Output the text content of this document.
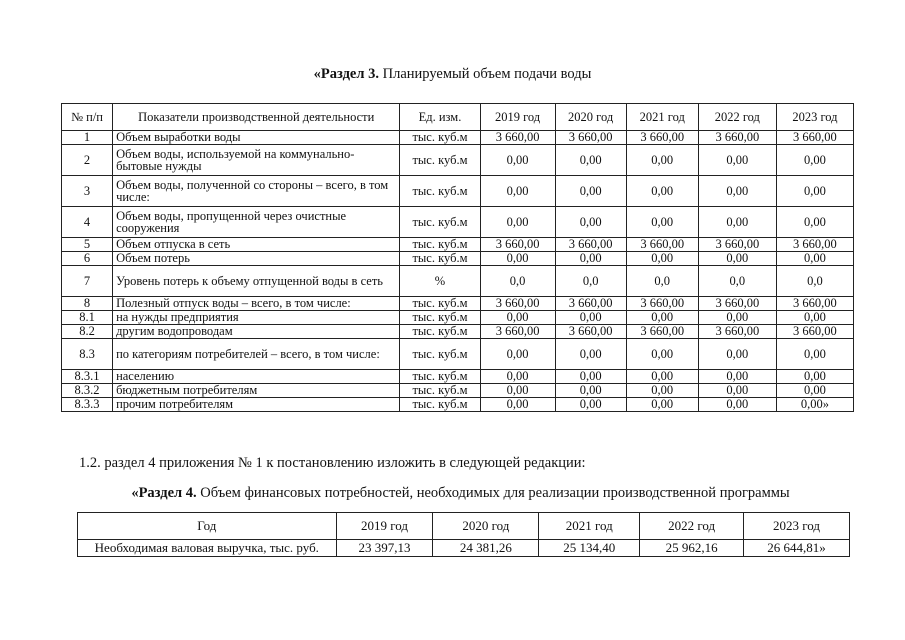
«Раздел 3. Планируемый объем подачи воды
№ п/п	Показатели производственной деятельности	Ед. изм.	2019 год	2020 год	2021 год	2022 год	2023 год
1	Объем выработки воды	тыс. куб.м	3 660,00	3 660,00	3 660,00	3 660,00	3 660,00
2	Объем воды, используемой на коммунально-бытовые нужды	тыс. куб.м	0,00	0,00	0,00	0,00	0,00
3	Объем воды, полученной со стороны – всего, в том числе:	тыс. куб.м	0,00	0,00	0,00	0,00	0,00
4	Объем воды, пропущенной через очистные сооружения	тыс. куб.м	0,00	0,00	0,00	0,00	0,00
5	Объем отпуска в сеть	тыс. куб.м	3 660,00	3 660,00	3 660,00	3 660,00	3 660,00
6	Объем потерь	тыс. куб.м	0,00	0,00	0,00	0,00	0,00
7	Уровень потерь к объему отпущенной воды в сеть	%	0,0	0,0	0,0	0,0	0,0
8	Полезный отпуск воды – всего, в том числе:	тыс. куб.м	3 660,00	3 660,00	3 660,00	3 660,00	3 660,00
8.1	на нужды предприятия	тыс. куб.м	0,00	0,00	0,00	0,00	0,00
8.2	другим водопроводам	тыс. куб.м	3 660,00	3 660,00	3 660,00	3 660,00	3 660,00
8.3	по категориям потребителей – всего, в том числе:	тыс. куб.м	0,00	0,00	0,00	0,00	0,00
8.3.1	населению	тыс. куб.м	0,00	0,00	0,00	0,00	0,00
8.3.2	бюджетным потребителям	тыс. куб.м	0,00	0,00	0,00	0,00	0,00
8.3.3	прочим потребителям	тыс. куб.м	0,00	0,00	0,00	0,00	0,00»
1.2. раздел 4 приложения № 1 к постановлению изложить в следующей редакции:
«Раздел 4. Объем финансовых потребностей, необходимых для реализации производственной программы
Год	2019 год	2020 год	2021 год	2022 год	2023 год
Необходимая валовая выручка, тыс. руб.	23 397,13	24 381,26	25 134,40	25 962,16	26 644,81»
